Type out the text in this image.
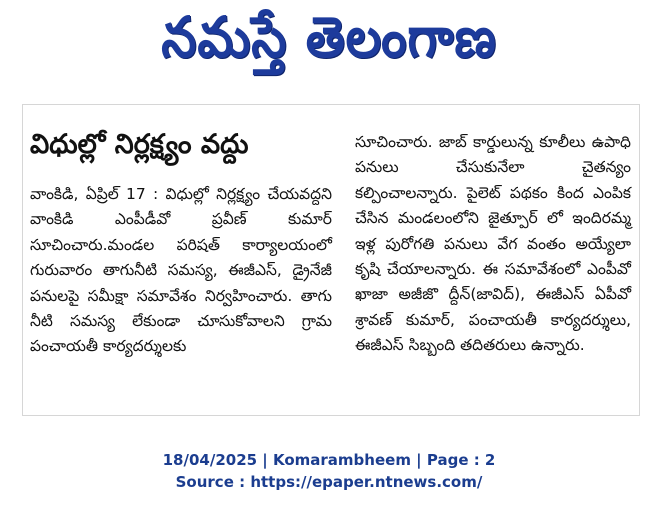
నమస్తే తెలంగాణ
విధుల్లో నిర్లక్ష్యం వద్దు

వాంకిడి, ఏప్రిల్ 17 : విధుల్లో నిర్లక్ష్యం చేయవద్దని వాంకిడి ఎంపీడీవో ప్రవీణ్ కుమార్ సూచించారు.మండల పరిషత్ కార్యాలయంలో గురువారం తాగునీటి సమస్య, ఈజీఎస్, డ్రైనేజీ పనులపై సమీక్షా సమావేశం నిర్వహించారు. తాగు నీటి సమస్య లేకుండా చూసుకోవాలని గ్రామ పంచాయతీ కార్యదర్శులకు

సూచించారు. జాబ్ కార్డులున్న కూలీలు ఉపాధి పనులు చేసుకునేలా చైతన్యం కల్పించాలన్నారు. పైలెట్ పథకం కింద ఎంపిక చేసిన మండలంలోని జైత్పూర్ లో ఇందిరమ్మ ఇళ్ల పురోగతి పనులు వేగ వంతం అయ్యేలా కృషి చేయాలన్నారు. ఈ సమావేశంలో ఎంపీవో ఖాజా అజీజొ ద్దీన్(జావిద్), ఈజీఎస్ ఏపీవో శ్రావణ్ కుమార్, పంచాయతీ కార్యదర్శులు, ఈజీఎస్ సిబ్బంది తదితరులు ఉన్నారు.

18/04/2025 | Komarambheem | Page : 2
Source : https://epaper.ntnews.com/
